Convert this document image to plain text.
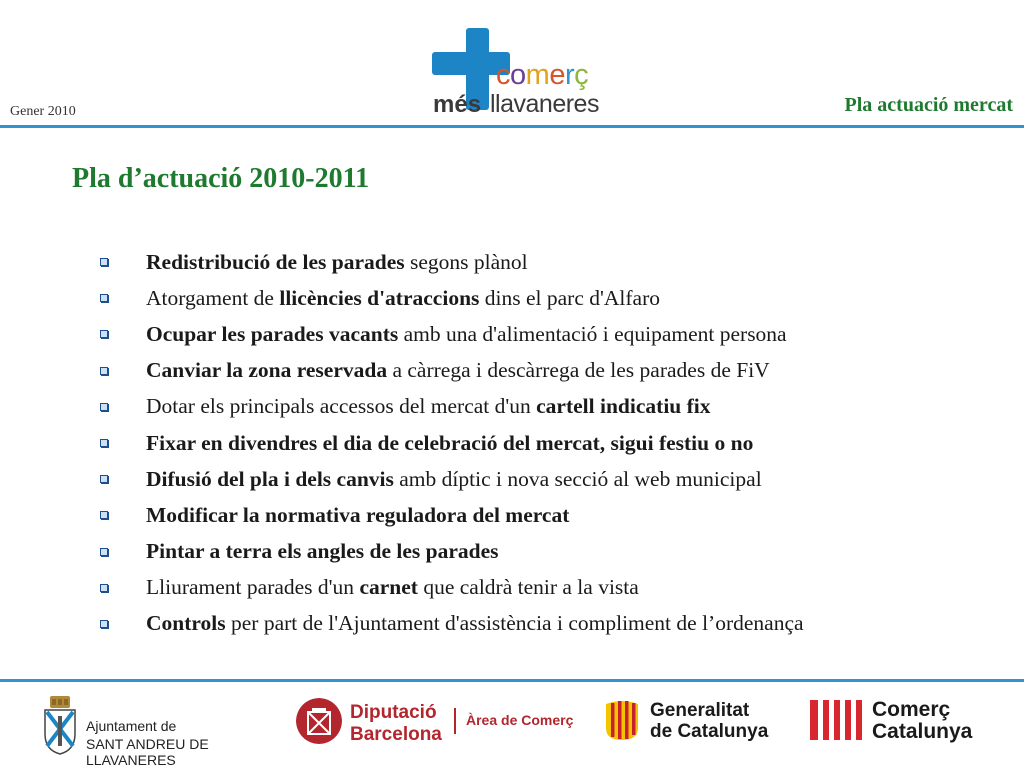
Gener 2010
comerç
més llavaneres	Pla actuació mercat
Pla d’actuació 2010-2011
Redistribució de les parades segons plànol
Atorgament de llicències d'atraccions dins el parc d'Alfaro
Ocupar les parades vacants amb una d'alimentació i equipament persona
Canviar la zona reservada a càrrega i descàrrega de les parades de FiV
Dotar els principals accessos del mercat d'un cartell indicatiu fix
Fixar en divendres el dia de celebració del mercat, sigui festiu o no
Difusió del pla i dels canvis amb díptic i nova secció al web municipal
Modificar la normativa reguladora del mercat
Pintar a terra els angles de les parades
Lliurament parades d'un carnet que caldrà tenir a la vista
Controls per part de l'Ajuntament d'assistència i compliment de l’ordenança
Ajuntament de
SANT ANDREU DE LLAVANERES
Diputació
Barcelona
Àrea de Comerç	Generalitat
de Catalunya
Comerç
Catalunya
